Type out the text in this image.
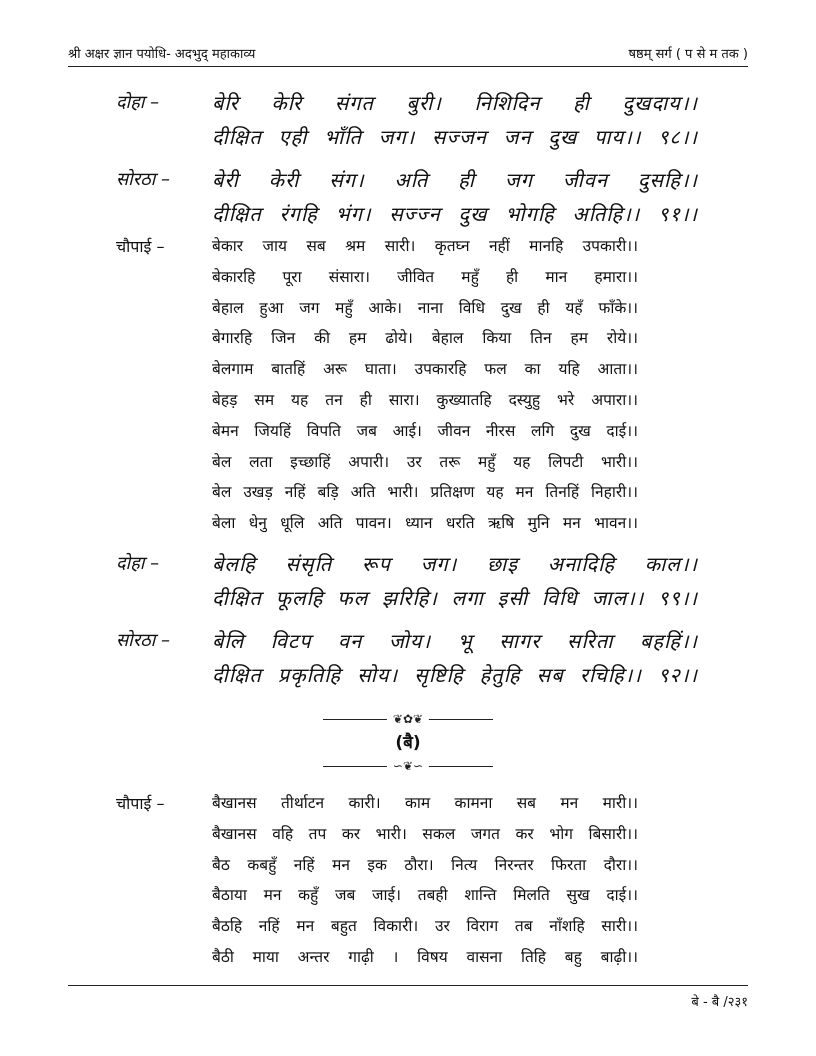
श्री अक्षर ज्ञान पयोधि- अदभुद् महाकाव्य	षष्ठम् सर्ग ( प से म तक )
दोहा –	बेरि केरि संगत बुरी। निशिदिन ही दुखदाय।।
दीक्षित एही भाँति जग। सज्जन जन दुख पाय।। ९८।।
सोरठा – बेरी केरी संग। अति ही जग जीवन दुसहि।।
दीक्षित रंगहि भंग। सज्ज्न दुख भोगहि अतिहि।। ९१।।
चौपाई –	बेकार जाय सब श्रम सारी। कृतघ्न नहीं मानहि उपकारी।।
बेकारहि पूरा संसारा। जीवित महुँ ही मान हमारा।।
बेहाल हुआ जग महुँ आके। नाना विधि दुख ही यहँ फाँके।।
बेगारहि जिन की हम ढोये। बेहाल किया तिन हम रोये।।
बेलगाम बातहिं अरू घाता। उपकारहि फल का यहि आता।।
बेहड़ सम यह तन ही सारा। कुख्यातहि दस्युहु भरे अपारा।।
बेमन जियहिं विपति जब आई। जीवन नीरस लगि दुख दाई।।
बेल लता इच्छाहिं अपारी। उर तरू महुँ यह लिपटी भारी।।
बेल उखड़ नहिं बड़ि अति भारी। प्रतिक्षण यह मन तिनहिं निहारी।।
बेला धेनु धूलि अति पावन। ध्यान धरति ऋषि मुनि मन भावन।।
दोहा –	बेलहि संसृति रूप जग। छाइ अनादिहि काल।।
दीक्षित फूलहि फल झरिहि। लगा इसी विधि जाल।। ९९।।
सोरठा – बेलि विटप वन जोय। भू सागर सरिता बहहिं।।
दीक्षित प्रकृतिहि सोय। सृष्टिहि हेतुहि सब रचिहि।। ९२।।
❦✿❦
(बै)
∽❦∽
चौपाई –	बैखानस तीर्थाटन कारी। काम कामना सब मन मारी।।
बैखानस वहि तप कर भारी। सकल जगत कर भोग बिसारी।।
बैठ कबहुँ नहिं मन इक ठौरा। नित्य निरन्तर फिरता दौरा।।
बैठाया मन कहुँ जब जाई। तबही शान्ति मिलति सुख दाई।।
बैठहि नहिं मन बहुत विकारी। उर विराग तब नाँशहि सारी।।
बैठी माया अन्तर गाढ़ी । विषय वासना तिहि बहु बाढ़ी।।
बे - बै /२३१
